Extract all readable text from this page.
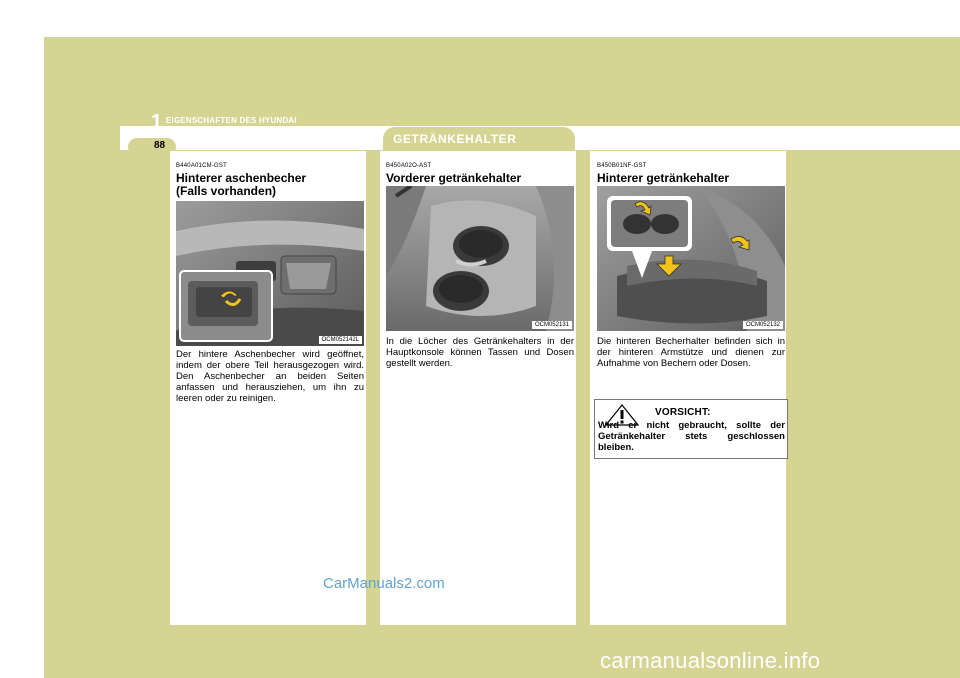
1 EIGENSCHAFTEN DES HYUNDAI
88	GETRÄNKEHALTER
B440A01CM-GST
Hinterer aschenbecher
(Falls vorhanden)
OCM052142L

Der hintere Aschenbecher wird geöffnet, indem der obere Teil herausgezogen wird. Den Aschenbecher an beiden Seiten anfassen und herausziehen, um ihn zu leeren oder zu reinigen.

B450A02O-AST
Vorderer getränkehalter
OCM052131

In die Löcher des Getränkehalters in der Hauptkonsole können Tassen und Dosen gestellt werden.

B450B01NF-GST
Hinterer getränkehalter
OCM052132

Die hinteren Becherhalter befinden sich in der hinteren Armstütze und dienen zur Aufnahme von Bechern oder Dosen.

VORSICHT:

Wird er nicht gebraucht, sollte der Getränkehalter stets geschlossen bleiben.

CarManuals2.com
carmanualsonline.info
